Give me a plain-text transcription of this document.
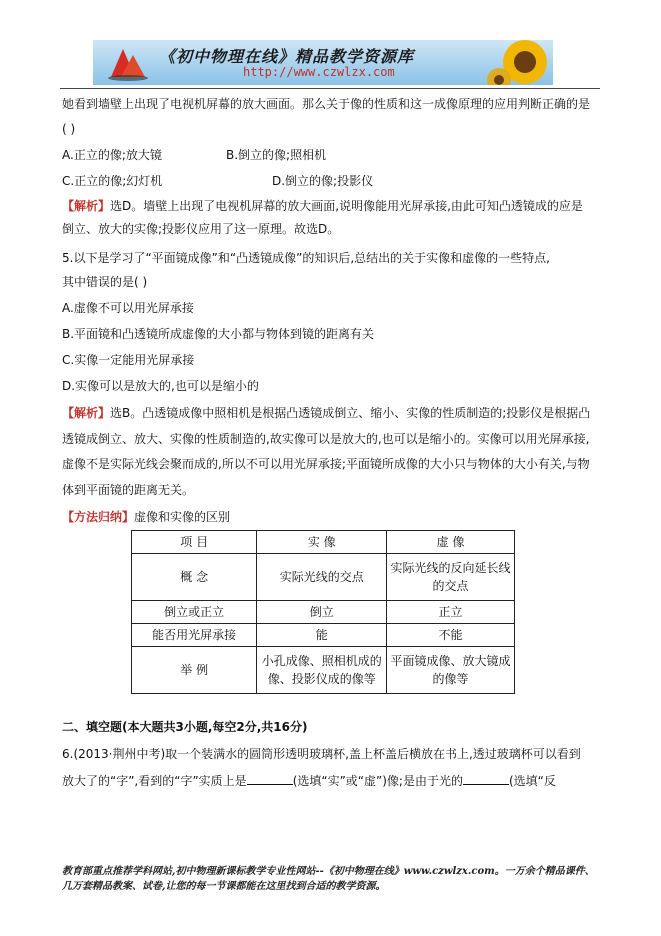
《初中物理在线》精品教学资源库
http://www.czwlzx.com
她看到墙壁上出现了电视机屏幕的放大画面。那么关于像的性质和这一成像原理的应用判断正确的是
( )
A.正立的像;放大镜	B.倒立的像;照相机
C.正立的像;幻灯机	D.倒立的像;投影仪
【解析】选D。墙壁上出现了电视机屏幕的放大画面,说明像能用光屏承接,由此可知凸透镜成的应是
倒立、放大的实像;投影仪应用了这一原理。故选D。
5.以下是学习了“平面镜成像”和“凸透镜成像”的知识后,总结出的关于实像和虚像的一些特点,
其中错误的是( )
A.虚像不可以用光屏承接
B.平面镜和凸透镜所成虚像的大小都与物体到镜的距离有关
C.实像一定能用光屏承接
D.实像可以是放大的,也可以是缩小的
【解析】选B。凸透镜成像中照相机是根据凸透镜成倒立、缩小、实像的性质制造的;投影仪是根据凸
透镜成倒立、放大、实像的性质制造的,故实像可以是放大的,也可以是缩小的。实像可以用光屏承接,
虚像不是实际光线会聚而成的,所以不可以用光屏承接;平面镜所成像的大小只与物体的大小有关,与物
体到平面镜的距离无关。
【方法归纳】虚像和实像的区别
项 目	实 像	虚 像
概 念	实际光线的交点	实际光线的反向延长线的交点
倒立或正立	倒立	正立
能否用光屏承接	能	不能
举 例	小孔成像、照相机成的像、投影仪成的像等	平面镜成像、放大镜成的像等
二、填空题(本大题共3小题,每空2分,共16分)
6.(2013·荆州中考)取一个装满水的圆筒形透明玻璃杯,盖上杯盖后横放在书上,透过玻璃杯可以看到
放大了的“字”,看到的“字”实质上是	(选填“实”或“虚”)像;是由于光的	(选填“反
教育部重点推荐学科网站,初中物理新课标教学专业性网站--《初中物理在线》www.czwlzx.com。一万余个精品课件、
几万套精品教案、试卷,让您的每一节课都能在这里找到合适的教学资源。
